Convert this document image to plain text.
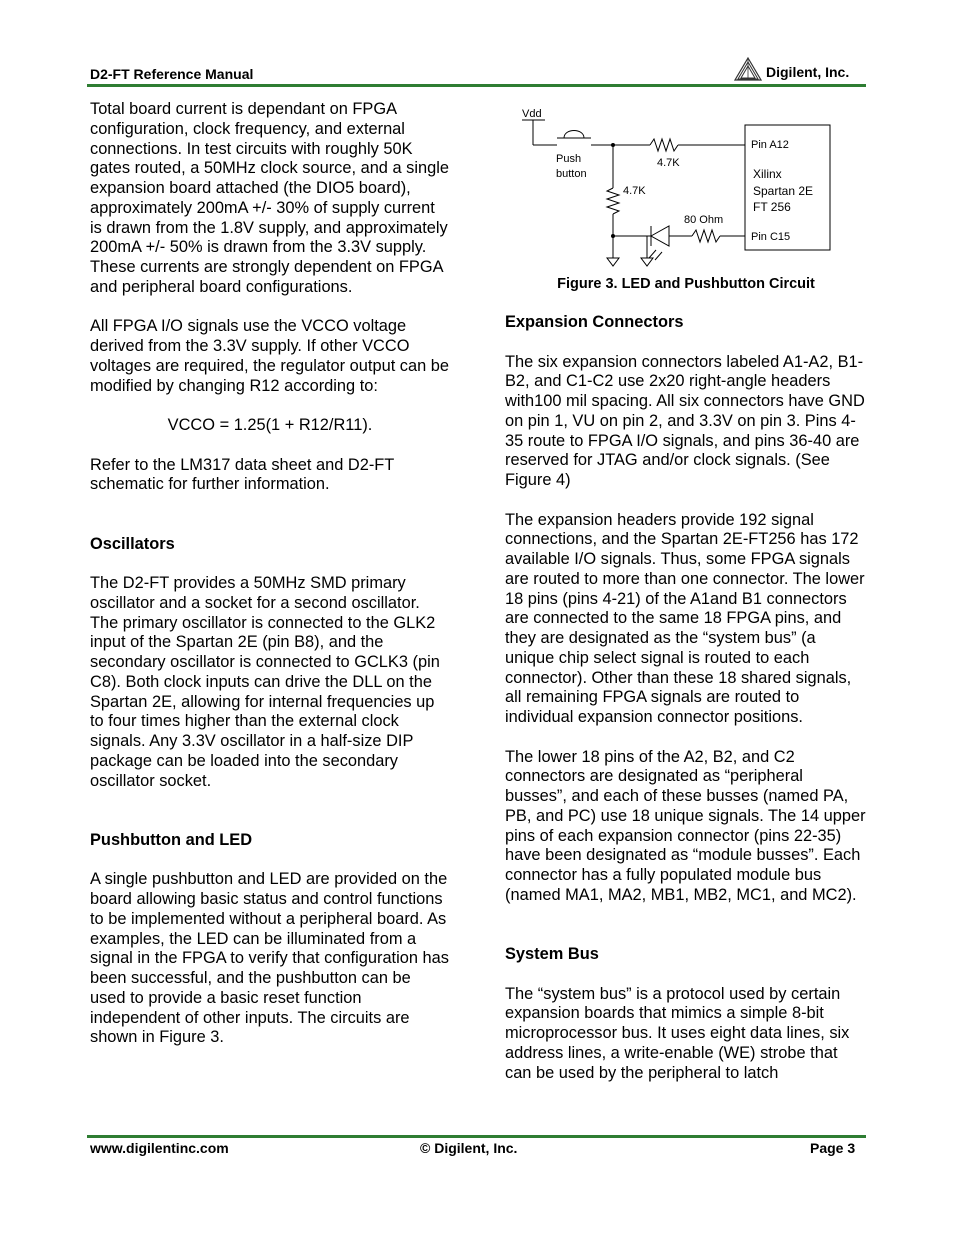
D2-FT Reference Manual	Digilent, Inc.

Total board current is dependant on FPGA configuration, clock frequency, and external connections. In test circuits with roughly 50K gates routed, a 50MHz clock source, and a single expansion board attached (the DIO5 board), approximately 200mA +/- 30% of supply current is drawn from the 1.8V supply, and approximately 200mA +/- 50% is drawn from the 3.3V supply. These currents are strongly dependent on FPGA and peripheral board configurations.

All FPGA I/O signals use the VCCO voltage derived from the 3.3V supply. If other VCCO voltages are required, the regulator output can be modified by changing R12 according to:

VCCO = 1.25(1 + R12/R11).

Refer to the LM317 data sheet and D2-FT schematic for further information.

Oscillators

The D2-FT provides a 50MHz SMD primary oscillator and a socket for a second oscillator. The primary oscillator is connected to the GLK2 input of the Spartan 2E (pin B8), and the secondary oscillator is connected to GCLK3 (pin C8). Both clock inputs can drive the DLL on the Spartan 2E, allowing for internal frequencies up to four times higher than the external clock signals. Any 3.3V oscillator in a half-size DIP package can be loaded into the secondary oscillator socket.

Pushbutton and LED

A single pushbutton and LED are provided on the board allowing basic status and control functions to be implemented without a peripheral board. As examples, the LED can be illuminated from a signal in the FPGA to verify that configuration has been successful, and the pushbutton can be used to provide a basic reset function independent of other inputs. The circuits are shown in Figure 3.

Vdd
Push
button
4.7K
4.7K
80 Ohm
Pin A12
Xilinx
Spartan 2E
FT 256
Pin C15
Figure 3. LED and Pushbutton Circuit
Expansion Connectors

The six expansion connectors labeled A1-A2, B1-B2, and C1-C2 use 2x20 right-angle headers with100 mil spacing. All six connectors have GND on pin 1, VU on pin 2, and 3.3V on pin 3. Pins 4-35 route to FPGA I/O signals, and pins 36-40 are reserved for JTAG and/or clock signals. (See Figure 4)

The expansion headers provide 192 signal connections, and the Spartan 2E-FT256 has 172 available I/O signals. Thus, some FPGA signals are routed to more than one connector. The lower 18 pins (pins 4-21) of the A1and B1 connectors are connected to the same 18 FPGA pins, and they are designated as the “system bus” (a unique chip select signal is routed to each connector). Other than these 18 shared signals, all remaining FPGA signals are routed to individual expansion connector positions.

The lower 18 pins of the A2, B2, and C2 connectors are designated as “peripheral busses”, and each of these busses (named PA, PB, and PC) use 18 unique signals. The 14 upper pins of each expansion connector (pins 22-35) have been designated as “module busses”. Each connector has a fully populated module bus (named MA1, MA2, MB1, MB2, MC1, and MC2).

System Bus

The “system bus” is a protocol used by certain expansion boards that mimics a simple 8-bit microprocessor bus. It uses eight data lines, six address lines, a write-enable (WE) strobe that can be used by the peripheral to latch

www.digilentinc.com	© Digilent, Inc.	Page 3
